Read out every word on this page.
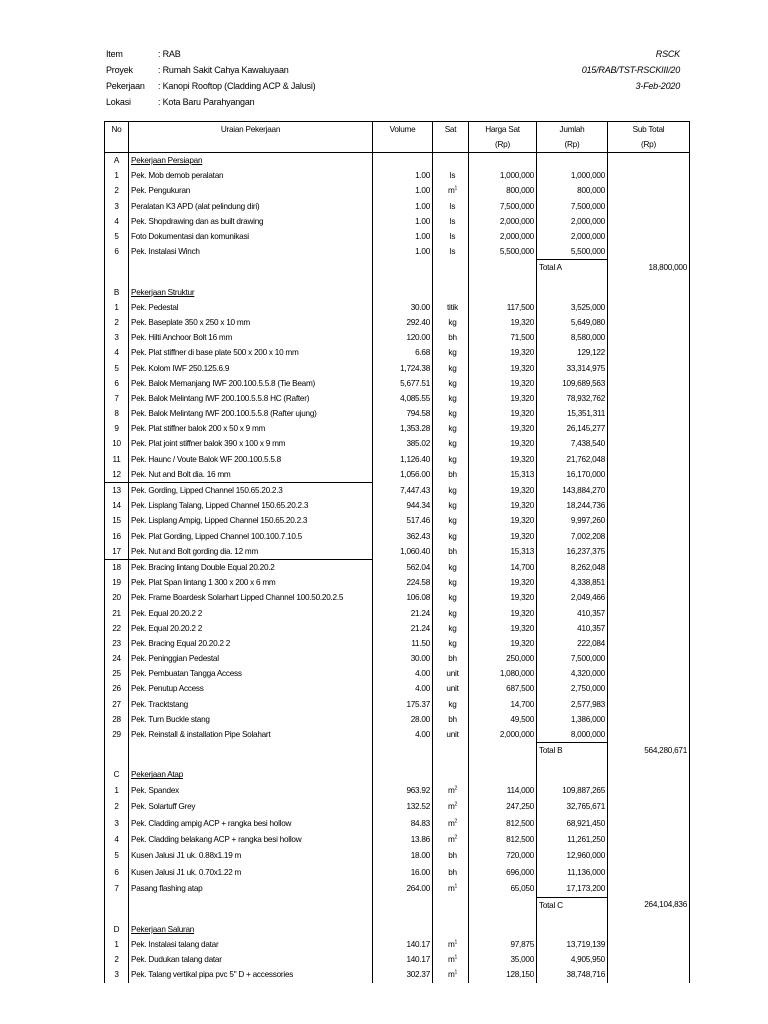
Item	: RAB
Proyek	: Rumah Sakit Cahya Kawaluyaan
Pekerjaan	: Kanopi Rooftop (Cladding ACP & Jalusi)
Lokasi	: Kota Baru Parahyangan
RSCK
015/RAB/TST-RSCKIII/20
3-Feb-2020
No	Uraian Pekerjaan	Volume	Sat	Harga Sat	Jumlah	Sub Total
				(Rp)	(Rp)	(Rp)
A	Pekerjaan Persiapan					
1	Pek. Mob demob peralatan	1.00	ls	1,000,000	1,000,000	
2	Pek. Pengukuran	1.00	$m^1$	800,000	800,000	
3	Peralatan K3 APD (alat pelindung diri)	1.00	ls	7,500,000	7,500,000	
4	Pek. Shopdrawing dan as built drawing	1.00	ls	2,000,000	2,000,000	
5	Foto Dokumentasi dan komunikasi	1.00	ls	2,000,000	2,000,000	
6	Pek. Instalasi Winch	1.00	ls	5,500,000	5,500,000	
					Total A	18,800,000

B	Pekerjaan Struktur					
1	Pek. Pedestal	30.00	titik	117,500	3,525,000	
2	Pek. Baseplate 350 x 250 x 10 mm	292.40	kg	19,320	5,649,080	
3	Pek. Hilti Anchoor Bolt 16 mm	120.00	bh	71,500	8,580,000	
4	Pek. Plat stiffner di base plate 500 x 200 x 10 mm	6.68	kg	19,320	129,122	
5	Pek. Kolom IWF 250.125.6.9	1,724.38	kg	19,320	33,314,975	
6	Pek. Balok Memanjang IWF 200.100.5.5.8 (Tie Beam)	5,677.51	kg	19,320	109,689,563	
7	Pek. Balok Melintang IWF 200.100.5.5.8 HC (Rafter)	4,085.55	kg	19,320	78,932,762	
8	Pek. Balok Melintang IWF 200.100.5.5.8 (Rafter ujung)	794.58	kg	19,320	15,351,311	
9	Pek. Plat stiffner balok 200 x 50 x 9 mm	1,353.28	kg	19,320	26,145,277	
10	Pek. Plat joint stiffner balok 390 x 100 x 9 mm	385.02	kg	19,320	7,438,540	
11	Pek. Haunc / Voute Balok WF 200.100.5.5.8	1,126.40	kg	19,320	21,762,048	
12	Pek. Nut and Bolt dia. 16 mm	1,056.00	bh	15,313	16,170,000	
13	Pek. Gording, Lipped Channel 150.65.20.2.3	7,447.43	kg	19,320	143,884,270	
14	Pek. Lisplang Talang, Lipped Channel 150.65.20.2.3	944.34	kg	19,320	18,244,736	
15	Pek. Lisplang Ampig, Lipped Channel 150.65.20.2.3	517.46	kg	19,320	9,997,260	
16	Pek. Plat Gording, Lipped Channel 100.100.7.10.5	362.43	kg	19,320	7,002,208	
17	Pek. Nut and Bolt gording dia. 12 mm	1,060.40	bh	15,313	16,237,375	
18	Pek. Bracing lintang Double Equal 20.20.2	562.04	kg	14,700	8,262,048	
19	Pek. Plat Span lintang 1 300 x 200 x 6 mm	224.58	kg	19,320	4,338,851	
20	Pek. Frame Boardesk Solarhart Lipped Channel 100.50.20.2.5	106.08	kg	19,320	2,049,466	
21	Pek. Equal 20.20.2 2	21.24	kg	19,320	410,357	
22	Pek. Equal 20.20.2 2	21.24	kg	19,320	410,357	
23	Pek. Bracing Equal 20.20.2 2	11.50	kg	19,320	222,084	
24	Pek. Peninggian Pedestal	30.00	bh	250,000	7,500,000	
25	Pek. Pembuatan Tangga Access	4.00	unit	1,080,000	4,320,000	
26	Pek. Penutup Access	4.00	unit	687,500	2,750,000	
27	Pek. Tracktstang	175.37	kg	14,700	2,577,983	
28	Pek. Turn Buckle stang	28.00	bh	49,500	1,386,000	
29	Pek. Reinstall & installation Pipe Solahart	4.00	unit	2,000,000	8,000,000	
					Total B	564,280,671

C	Pekerjaan Atap					
1	Pek. Spandex	963.92	$m^2$	114,000	109,887,265	
2	Pek. Solartuff Grey	132.52	$m^2$	247,250	32,765,671	
3	Pek. Cladding ampig ACP + rangka besi hollow	84.83	$m^2$	812,500	68,921,450	
4	Pek. Cladding belakang ACP + rangka besi hollow	13.86	$m^2$	812,500	11,261,250	
5	Kusen Jalusi J1 uk. 0.88x1.19 m	18.00	bh	720,000	12,960,000	
6	Kusen Jalusi J1 uk. 0.70x1.22 m	16.00	bh	696,000	11,136,000	
7	Pasang flashing atap	264.00	$m^1$	65,050	17,173,200	
					Total C	264,104,836

D	Pekerjaan Saluran					
1	Pek. Instalasi talang datar	140.17	$m^1$	97,875	13,719,139	
2	Pek. Dudukan talang datar	140.17	$m^1$	35,000	4,905,950	
3	Pek. Talang vertikal pipa pvc 5" D + accessories	302.37	$m^1$	128,150	38,748,716	
